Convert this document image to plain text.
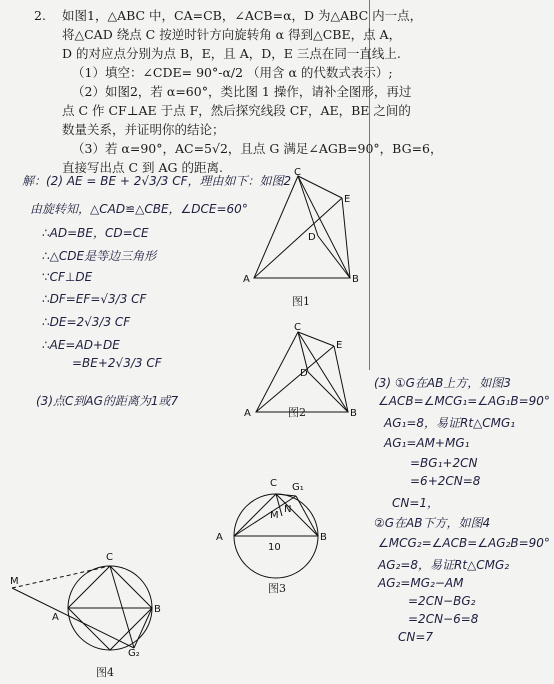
2. 如图1，△ABC 中，CA=CB，∠ACB=α，D 为△ABC 内一点，
将△CAD 绕点 C 按逆时针方向旋转角 α 得到△CBE，点 A，
D 的对应点分别为点 B，E，且 A，D，E 三点在同一直线上.
（1）填空：∠CDE= 90°-α/2 （用含 α 的代数式表示）;
（2）如图2，若 α=60°，类比图 1 操作，请补全图形，再过
点 C 作 CF⊥AE 于点 F，然后探究线段 CF，AE，BE 之间的
数量关系，并证明你的结论；
（3）若 α=90°，AC=5√2，且点 G 满足∠AGB=90°，BG=6，
直接写出点 C 到 AG 的距离.	C
E
D
A	B
图1
C
E
D
A	B
图2
C G₁
N
M
A	B
10
图3
C
M
A
B
G₂
图4
解：(2) AE = BE + 2√3/3 CF，理由如下：如图2
由旋转知，△CAD≌△CBE，∠DCE=60°
∴AD=BE，CD=CE
∴△CDE是等边三角形
∵CF⊥DE
∴DF=EF=√3/3 CF
∴DE=2√3/3 CF
∴AE=AD+DE
=BE+2√3/3 CF
(3)点C到AG的距离为1或7
(3) ①G在AB上方，如图3
∠ACB=∠MCG₁=∠AG₁B=90°
AG₁=8，易证Rt△CMG₁
AG₁=AM+MG₁
=BG₁+2CN
=6+2CN=8
CN=1，
②G在AB下方，如图4
∠MCG₂=∠ACB=∠AG₂B=90°
AG₂=8，易证Rt△CMG₂
AG₂=MG₂−AM
=2CN−BG₂
=2CN−6=8
CN=7
